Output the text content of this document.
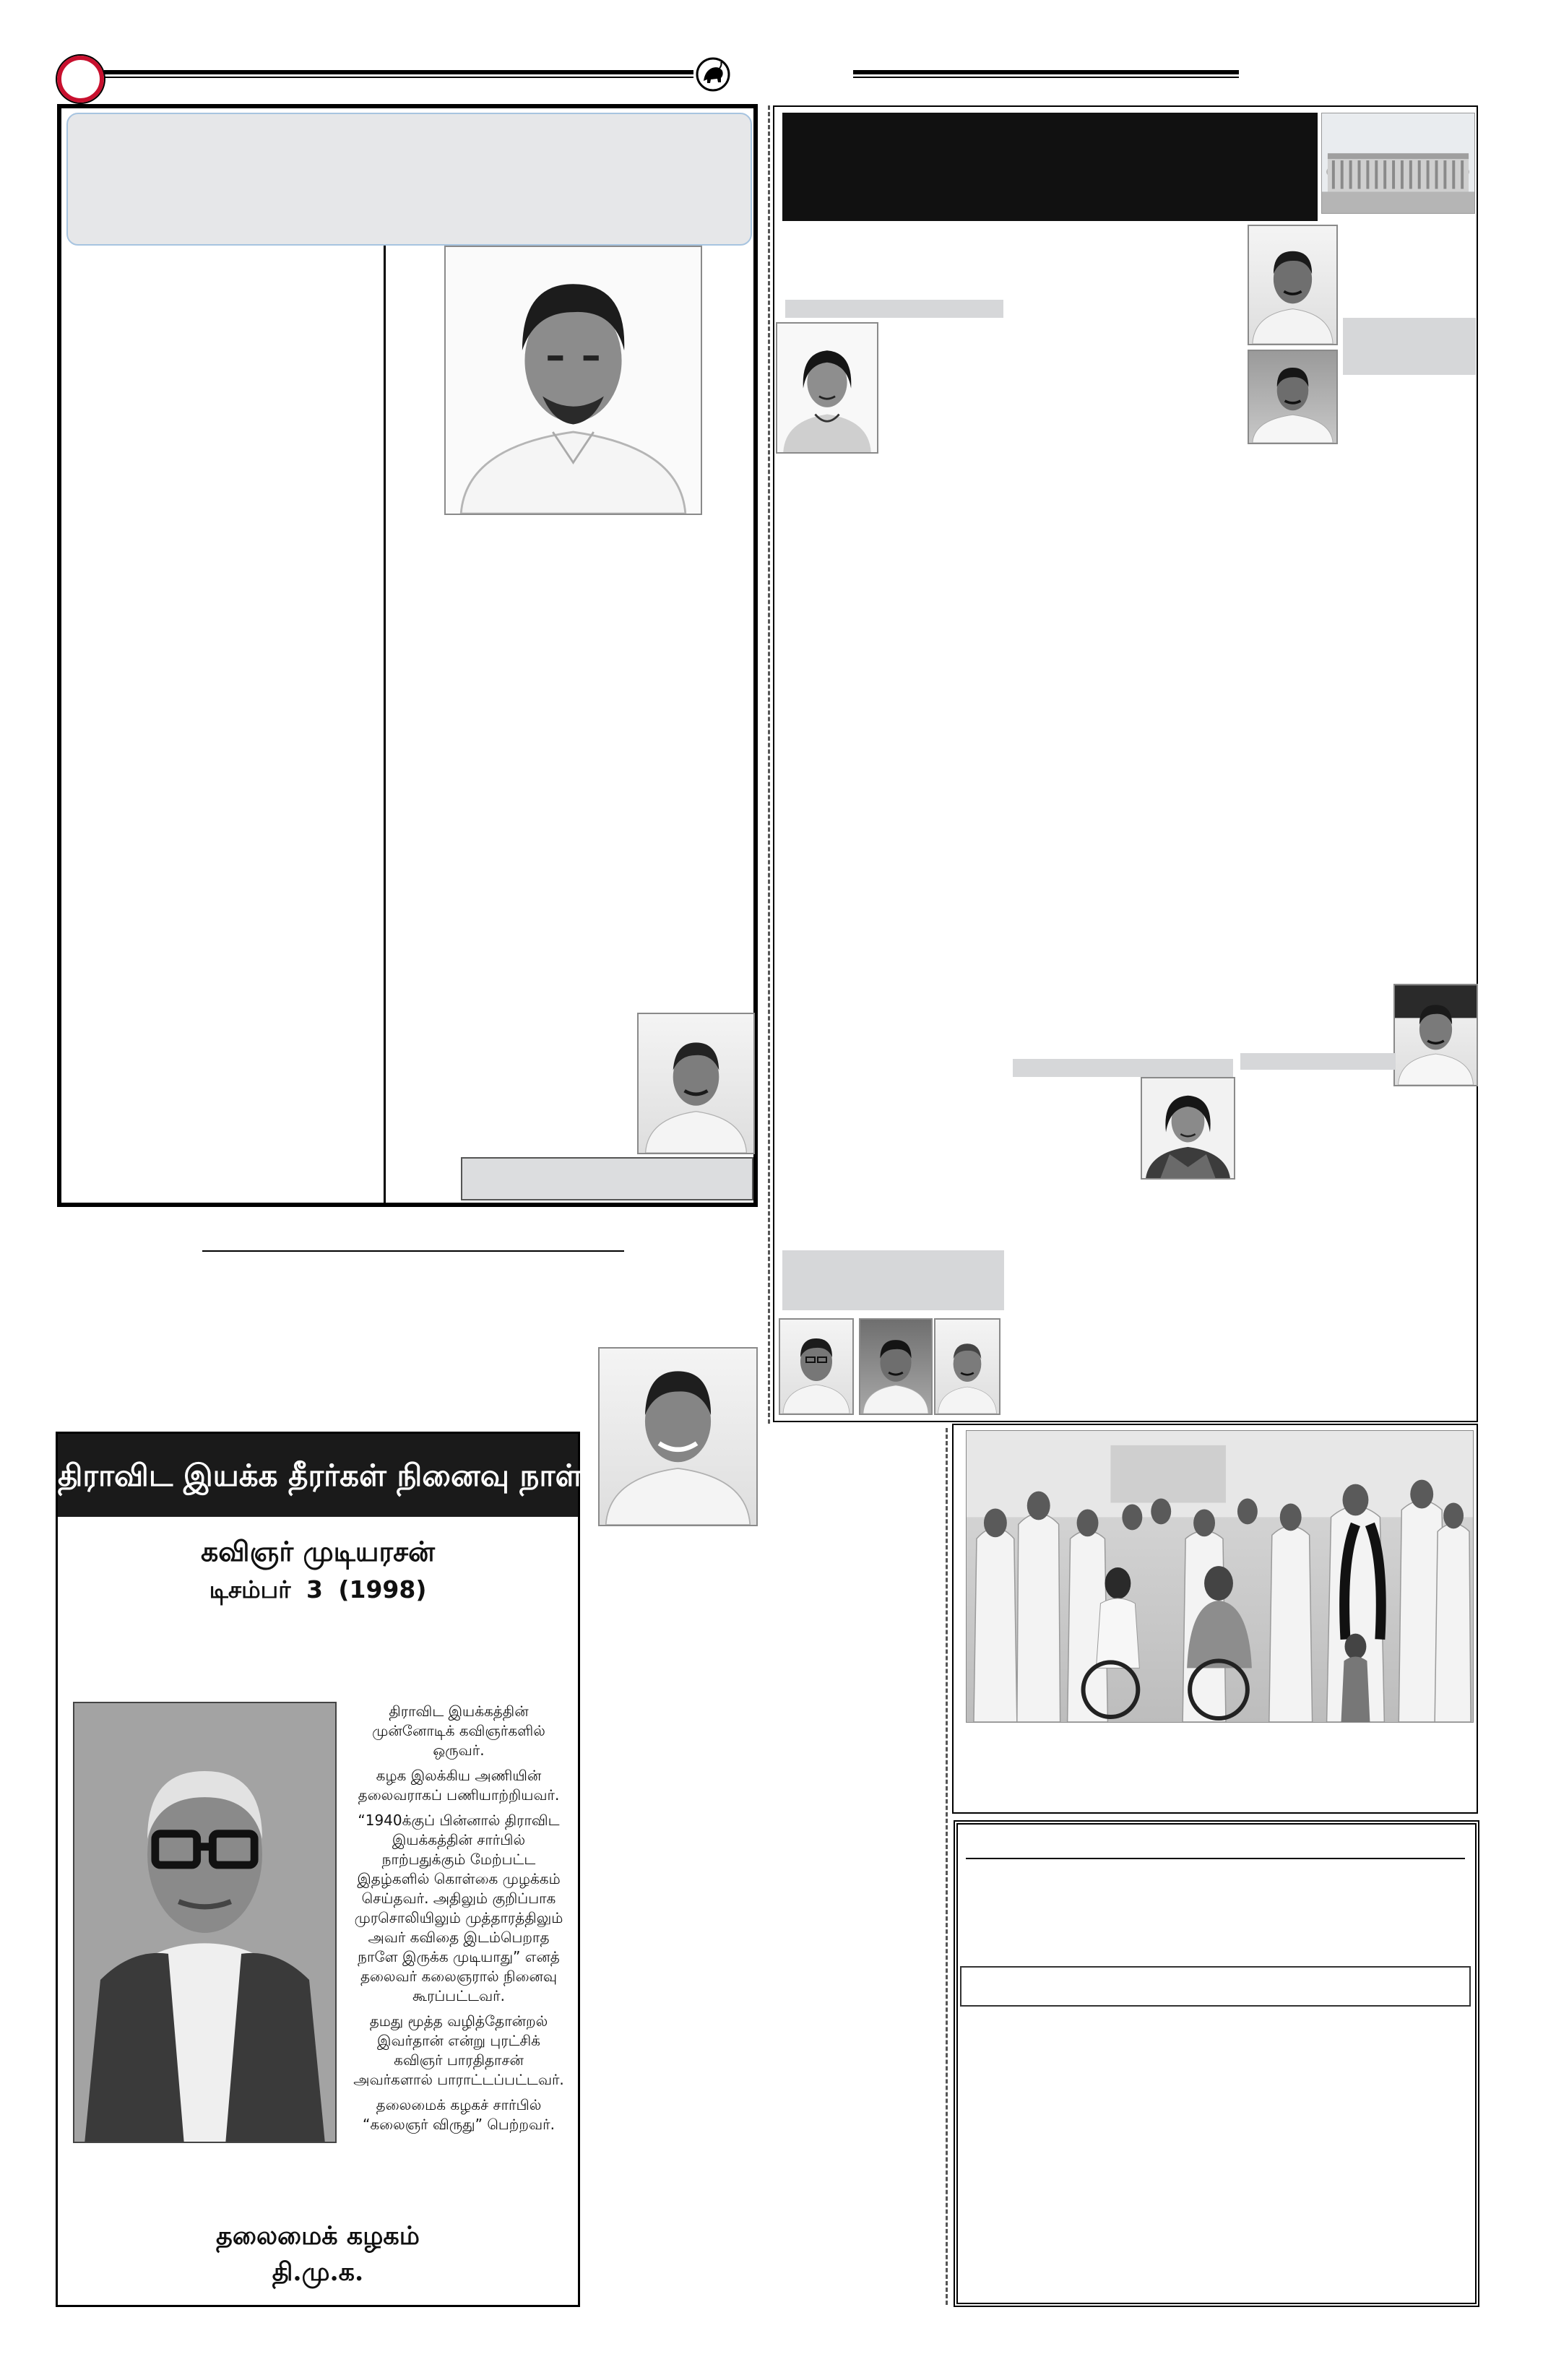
திராவிட இயக்க தீரர்கள் நினைவு நாள்
கவிஞர் முடியரசன்
டிசம்பர் 3 (1998)
திராவிட இயக்கத்தின்
முன்னோடிக் கவிஞர்களில்
ஒருவர்.
கழக இலக்கிய அணியின்
தலைவராகப் பணியாற்றியவர்.
“1940க்குப் பின்னால் திராவிட
இயக்கத்தின் சார்பில்
நாற்பதுக்கும் மேற்பட்ட
இதழ்களில் கொள்கை முழக்கம்
செய்தவர். அதிலும் குறிப்பாக
முரசொலியிலும் முத்தாரத்திலும்
அவர் கவிதை இடம்பெறாத
நாளே இருக்க முடியாது” எனத்
தலைவர் கலைஞரால் நினைவு
கூரப்பட்டவர்.
தமது மூத்த வழித்தோன்றல்
இவர்தான் என்று புரட்சிக்
கவிஞர் பாரதிதாசன்
அவர்களால் பாராட்டப்பட்டவர்.
தலைமைக் கழகச் சார்பில்
“கலைஞர் விருது” பெற்றவர்.
தலைமைக் கழகம்
தி.மு.க.
